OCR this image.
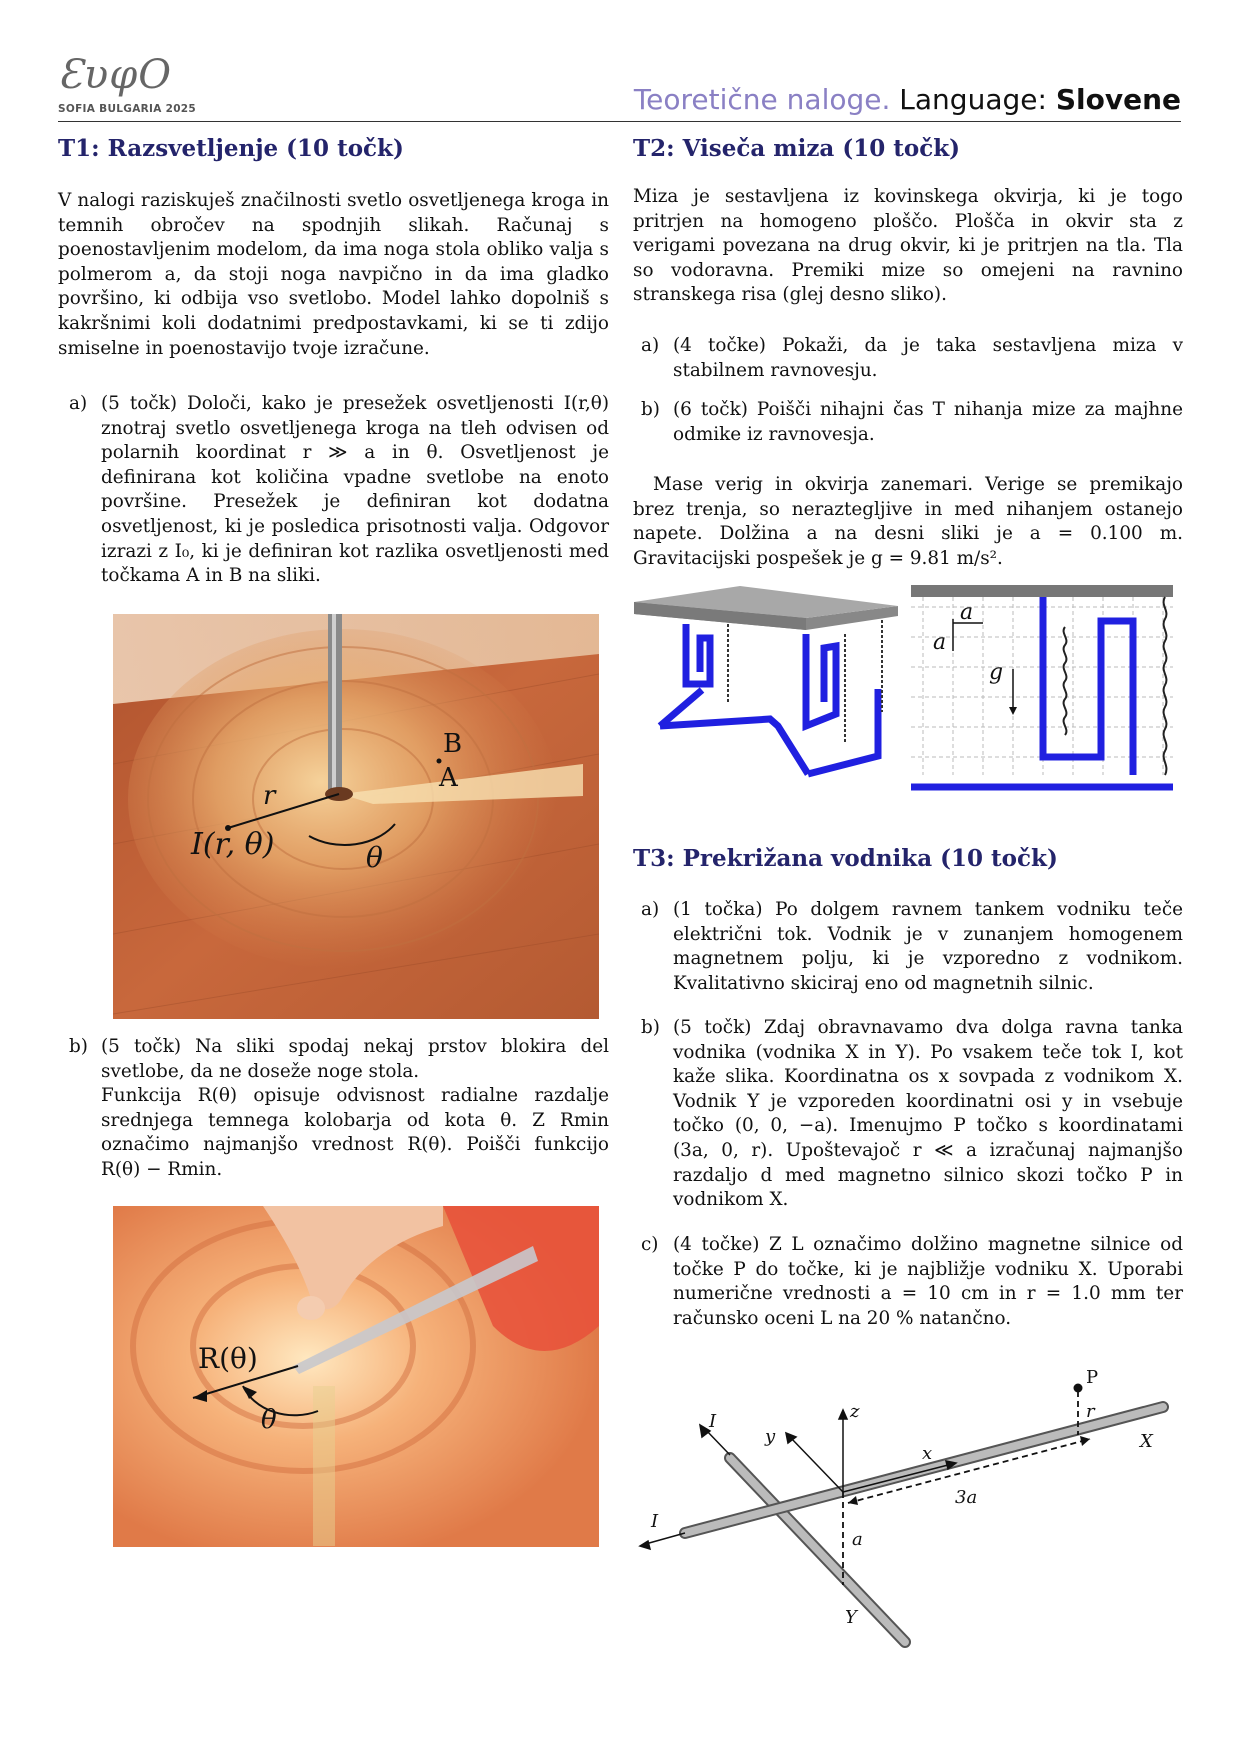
ƐυφO
SOFIA BULGARIA 2025	Teoretične naloge. Language: Slovene
T1: Razsvetljenje (10 točk)

V nalogi raziskuješ značilnosti svetlo osvetljenega kroga in temnih obročev na spodnjih slikah. Računaj s poenostavljenim modelom, da ima noga stola obliko valja s polmerom a, da stoji noga navpično in da ima gladko površino, ki odbija vso svetlobo. Model lahko dopolniš s kakršnimi koli dodatnimi predpostavkami, ki se ti zdijo smiselne in poenostavijo tvoje izračune.

a) (5 točk) Določi, kako je presežek osvetljenosti I(r,θ) znotraj svetlo osvetljenega kroga na tleh odvisen od polarnih koordinat r ≫ a in θ. Osvetljenost je definirana kot količina vpadne svetlobe na enoto površine. Presežek je definiran kot dodatna osvetljenost, ki je posledica prisotnosti valja. Odgovor izrazi z I₀, ki je definiran kot razlika osvetljenosti med točkama A in B na sliki.
B
A
r
I(r, θ)	θ
b) (5 točk) Na sliki spodaj nekaj prstov blokira del svetlobe, da ne doseže noge stola.
Funkcija R(θ) opisuje odvisnost radialne razdalje srednjega temnega kolobarja od kota θ. Z Rmin označimo najmanjšo vrednost R(θ). Poišči funkcijo R(θ) − Rmin.
R(θ)
θ
T2: Viseča miza (10 točk)

Miza je sestavljena iz kovinskega okvirja, ki je togo pritrjen na homogeno ploščo. Plošča in okvir sta z verigami povezana na drug okvir, ki je pritrjen na tla. Tla so vodoravna. Premiki mize so omejeni na ravnino stranskega risa (glej desno sliko).

a) (4 točke) Pokaži, da je taka sestavljena miza v stabilnem ravnovesju.
b) (6 točk) Poišči nihajni čas T nihanja mize za majhne odmike iz ravnovesja.

Mase verig in okvirja zanemari. Verige se premikajo brez trenja, so neraztegljive in med nihanjem ostanejo napete. Dolžina a na desni sliki je a = 0.100 m. Gravitacijski pospešek je g = 9.81 m/s².

a
a
g
T3: Prekrižana vodnika (10 točk)
a) (1 točka) Po dolgem ravnem tankem vodniku teče električni tok. Vodnik je v zunanjem homogenem magnetnem polju, ki je vzporedno z vodnikom. Kvalitativno skiciraj eno od magnetnih silnic.
b) (5 točk) Zdaj obravnavamo dva dolga ravna tanka vodnika (vodnika X in Y). Po vsakem teče tok I, kot kaže slika. Koordinatna os x sovpada z vodnikom X. Vodnik Y je vzporeden koordinatni osi y in vsebuje točko (0, 0, −a). Imenujmo P točko s koordinatami (3a, 0, r). Upoštevajoč r ≪ a izračunaj najmanjšo razdaljo d med magnetno silnico skozi točko P in vodnikom X.
c) (4 točke) Z L označimo dolžino magnetne silnice od točke P do točke, ki je najbližje vodniku X. Uporabi numerične vrednosti a = 10 cm in r = 1.0 mm ter računsko oceni L na 20 % natančno.
P
r
X
z
y
x
I
I
3a
a
Y
